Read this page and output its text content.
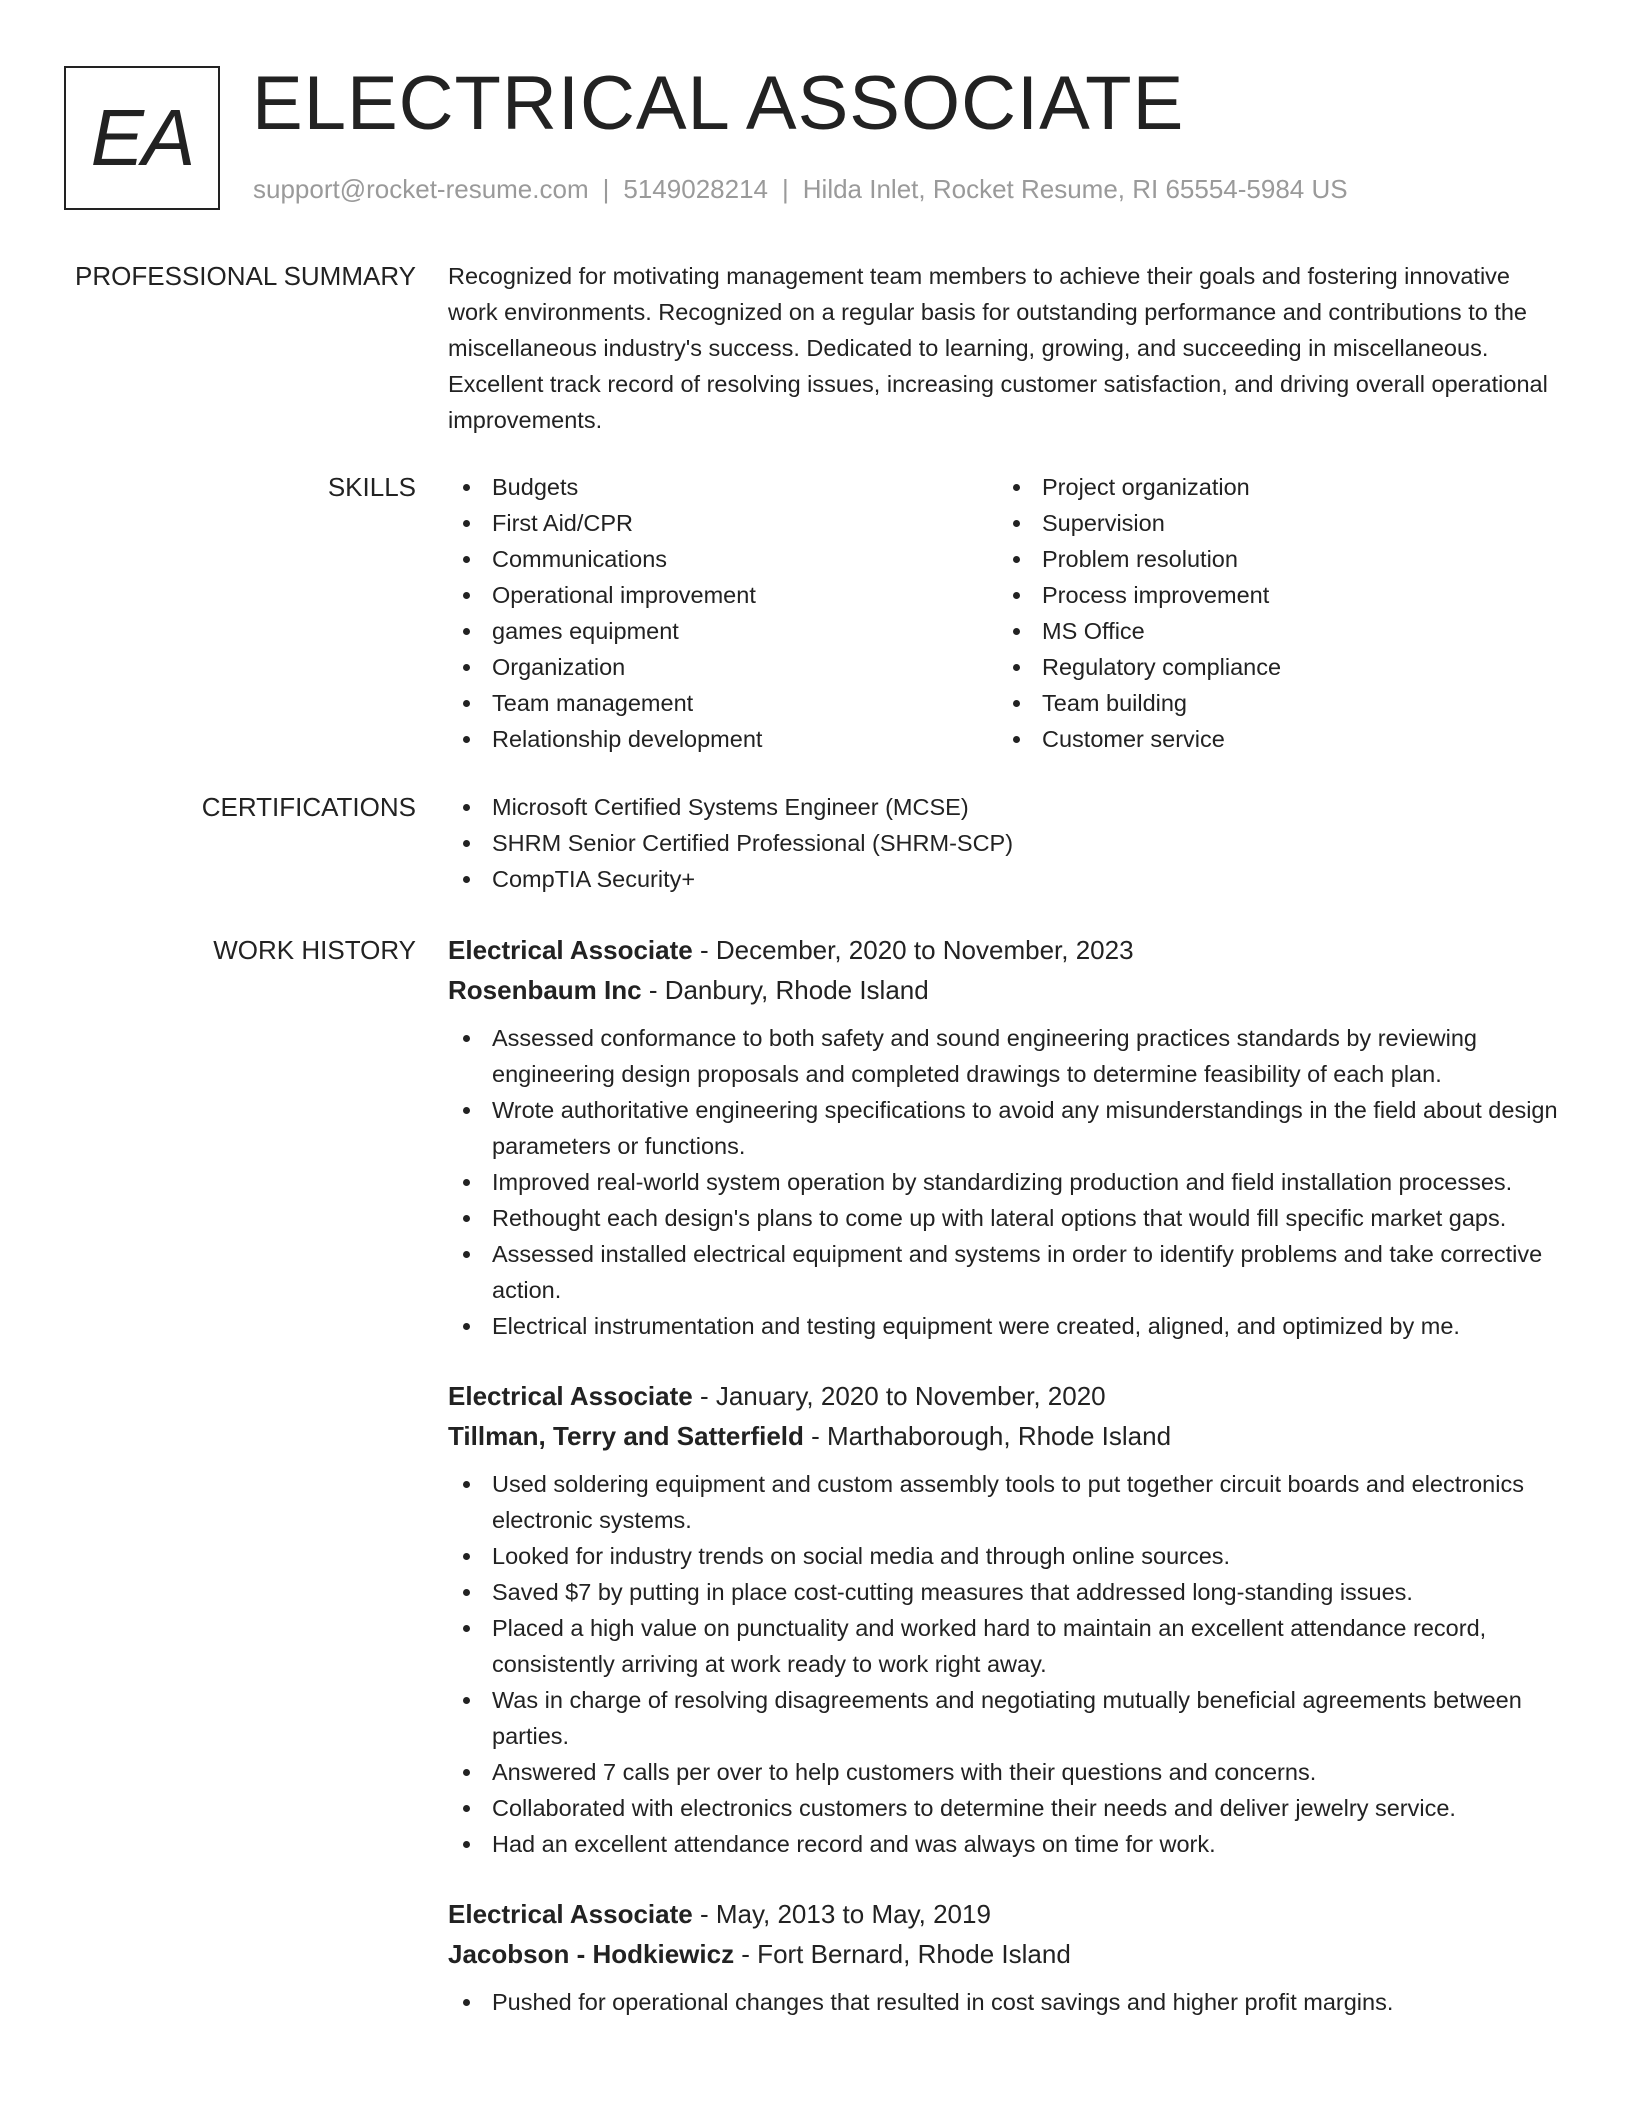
EA ELECTRICAL ASSOCIATE
support@rocket-resume.com | 5149028214 | Hilda Inlet, Rocket Resume, RI 65554-5984 US
PROFESSIONAL SUMMARY Recognized for motivating management team members to achieve their goals and fostering innovative work environments. Recognized on a regular basis for outstanding performance and contributions to the miscellaneous industry's success. Dedicated to learning, growing, and succeeding in miscellaneous. Excellent track record of resolving issues, increasing customer satisfaction, and driving overall operational improvements.
SKILLS	Budgets
First Aid/CPR
Communications
Operational improvement
games equipment
Organization
Team management
Relationship development
Project organization
Supervision
Problem resolution
Process improvement
MS Office
Regulatory compliance
Team building
Customer service
CERTIFICATIONS	Microsoft Certified Systems Engineer (MCSE)
SHRM Senior Certified Professional (SHRM-SCP)
CompTIA Security+
WORK HISTORY Electrical Associate - December, 2020 to November, 2023
Rosenbaum Inc - Danbury, Rhode Island
Assessed conformance to both safety and sound engineering practices standards by reviewing engineering design proposals and completed drawings to determine feasibility of each plan.
Wrote authoritative engineering specifications to avoid any misunderstandings in the field about design parameters or functions.
Improved real-world system operation by standardizing production and field installation processes.
Rethought each design's plans to come up with lateral options that would fill specific market gaps.
Assessed installed electrical equipment and systems in order to identify problems and take corrective action.
Electrical instrumentation and testing equipment were created, aligned, and optimized by me.
Electrical Associate - January, 2020 to November, 2020
Tillman, Terry and Satterfield - Marthaborough, Rhode Island
Used soldering equipment and custom assembly tools to put together circuit boards and electronics electronic systems.
Looked for industry trends on social media and through online sources.
Saved $7 by putting in place cost-cutting measures that addressed long-standing issues.
Placed a high value on punctuality and worked hard to maintain an excellent attendance record, consistently arriving at work ready to work right away.
Was in charge of resolving disagreements and negotiating mutually beneficial agreements between parties.
Answered 7 calls per over to help customers with their questions and concerns.
Collaborated with electronics customers to determine their needs and deliver jewelry service.
Had an excellent attendance record and was always on time for work.
Electrical Associate - May, 2013 to May, 2019
Jacobson - Hodkiewicz - Fort Bernard, Rhode Island
Pushed for operational changes that resulted in cost savings and higher profit margins.
